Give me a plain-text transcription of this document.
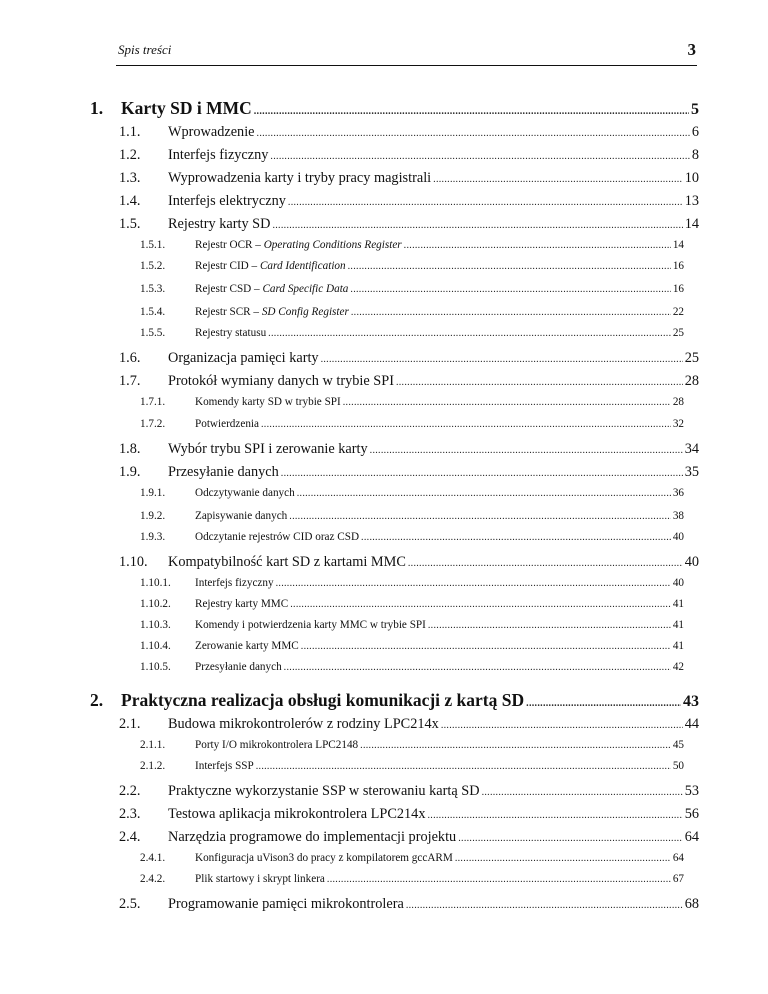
Spis treści	3
1.	Karty SD i MMC .....	5
1.1.	Wprowadzenie .....	6
1.2.	Interfejs fizyczny .....	8
1.3.	Wyprowadzenia karty i tryby pracy magistrali .....	10
1.4.	Interfejs elektryczny .....	13
1.5.	Rejestry karty SD .....	14
1.5.1.	Rejestr OCR – Operating Conditions Register .....	14
1.5.2.	Rejestr CID – Card Identification .....	16
1.5.3.	Rejestr CSD – Card Specific Data .....	16
1.5.4.	Rejestr SCR – SD Config Register .....	22
1.5.5.	Rejestry statusu .....	25
1.6.	Organizacja pamięci karty .....	25
1.7.	Protokół wymiany danych w trybie SPI .....	28
1.7.1.	Komendy karty SD w trybie SPI .....	28
1.7.2.	Potwierdzenia .....	32
1.8.	Wybór trybu SPI i zerowanie karty .....	34
1.9.	Przesyłanie danych .....	35
1.9.1.	Odczytywanie danych .....	36
1.9.2.	Zapisywanie danych .....	38
1.9.3.	Odczytanie rejestrów CID oraz CSD .....	40
1.10.	Kompatybilność kart SD z kartami MMC .....	40
1.10.1.	Interfejs fizyczny .....	40
1.10.2.	Rejestry karty MMC .....	41
1.10.3.	Komendy i potwierdzenia karty MMC w trybie SPI .....	41
1.10.4.	Zerowanie karty MMC .....	41
1.10.5.	Przesyłanie danych .....	42
2.	Praktyczna realizacja obsługi komunikacji z kartą SD .....	43
2.1.	Budowa mikrokontrolerów z rodziny LPC214x .....	44
2.1.1.	Porty I/O mikrokontrolera LPC2148 .....	45
2.1.2.	Interfejs SSP .....	50
2.2.	Praktyczne wykorzystanie SSP w sterowaniu kartą SD .....	53
2.3.	Testowa aplikacja mikrokontrolera LPC214x .....	56
2.4.	Narzędzia programowe do implementacji projektu .....	64
2.4.1.	Konfiguracja uVison3 do pracy z kompilatorem gccARM .....	64
2.4.2.	Plik startowy i skrypt linkera .....	67
2.5.	Programowanie pamięci mikrokontrolera .....	68
